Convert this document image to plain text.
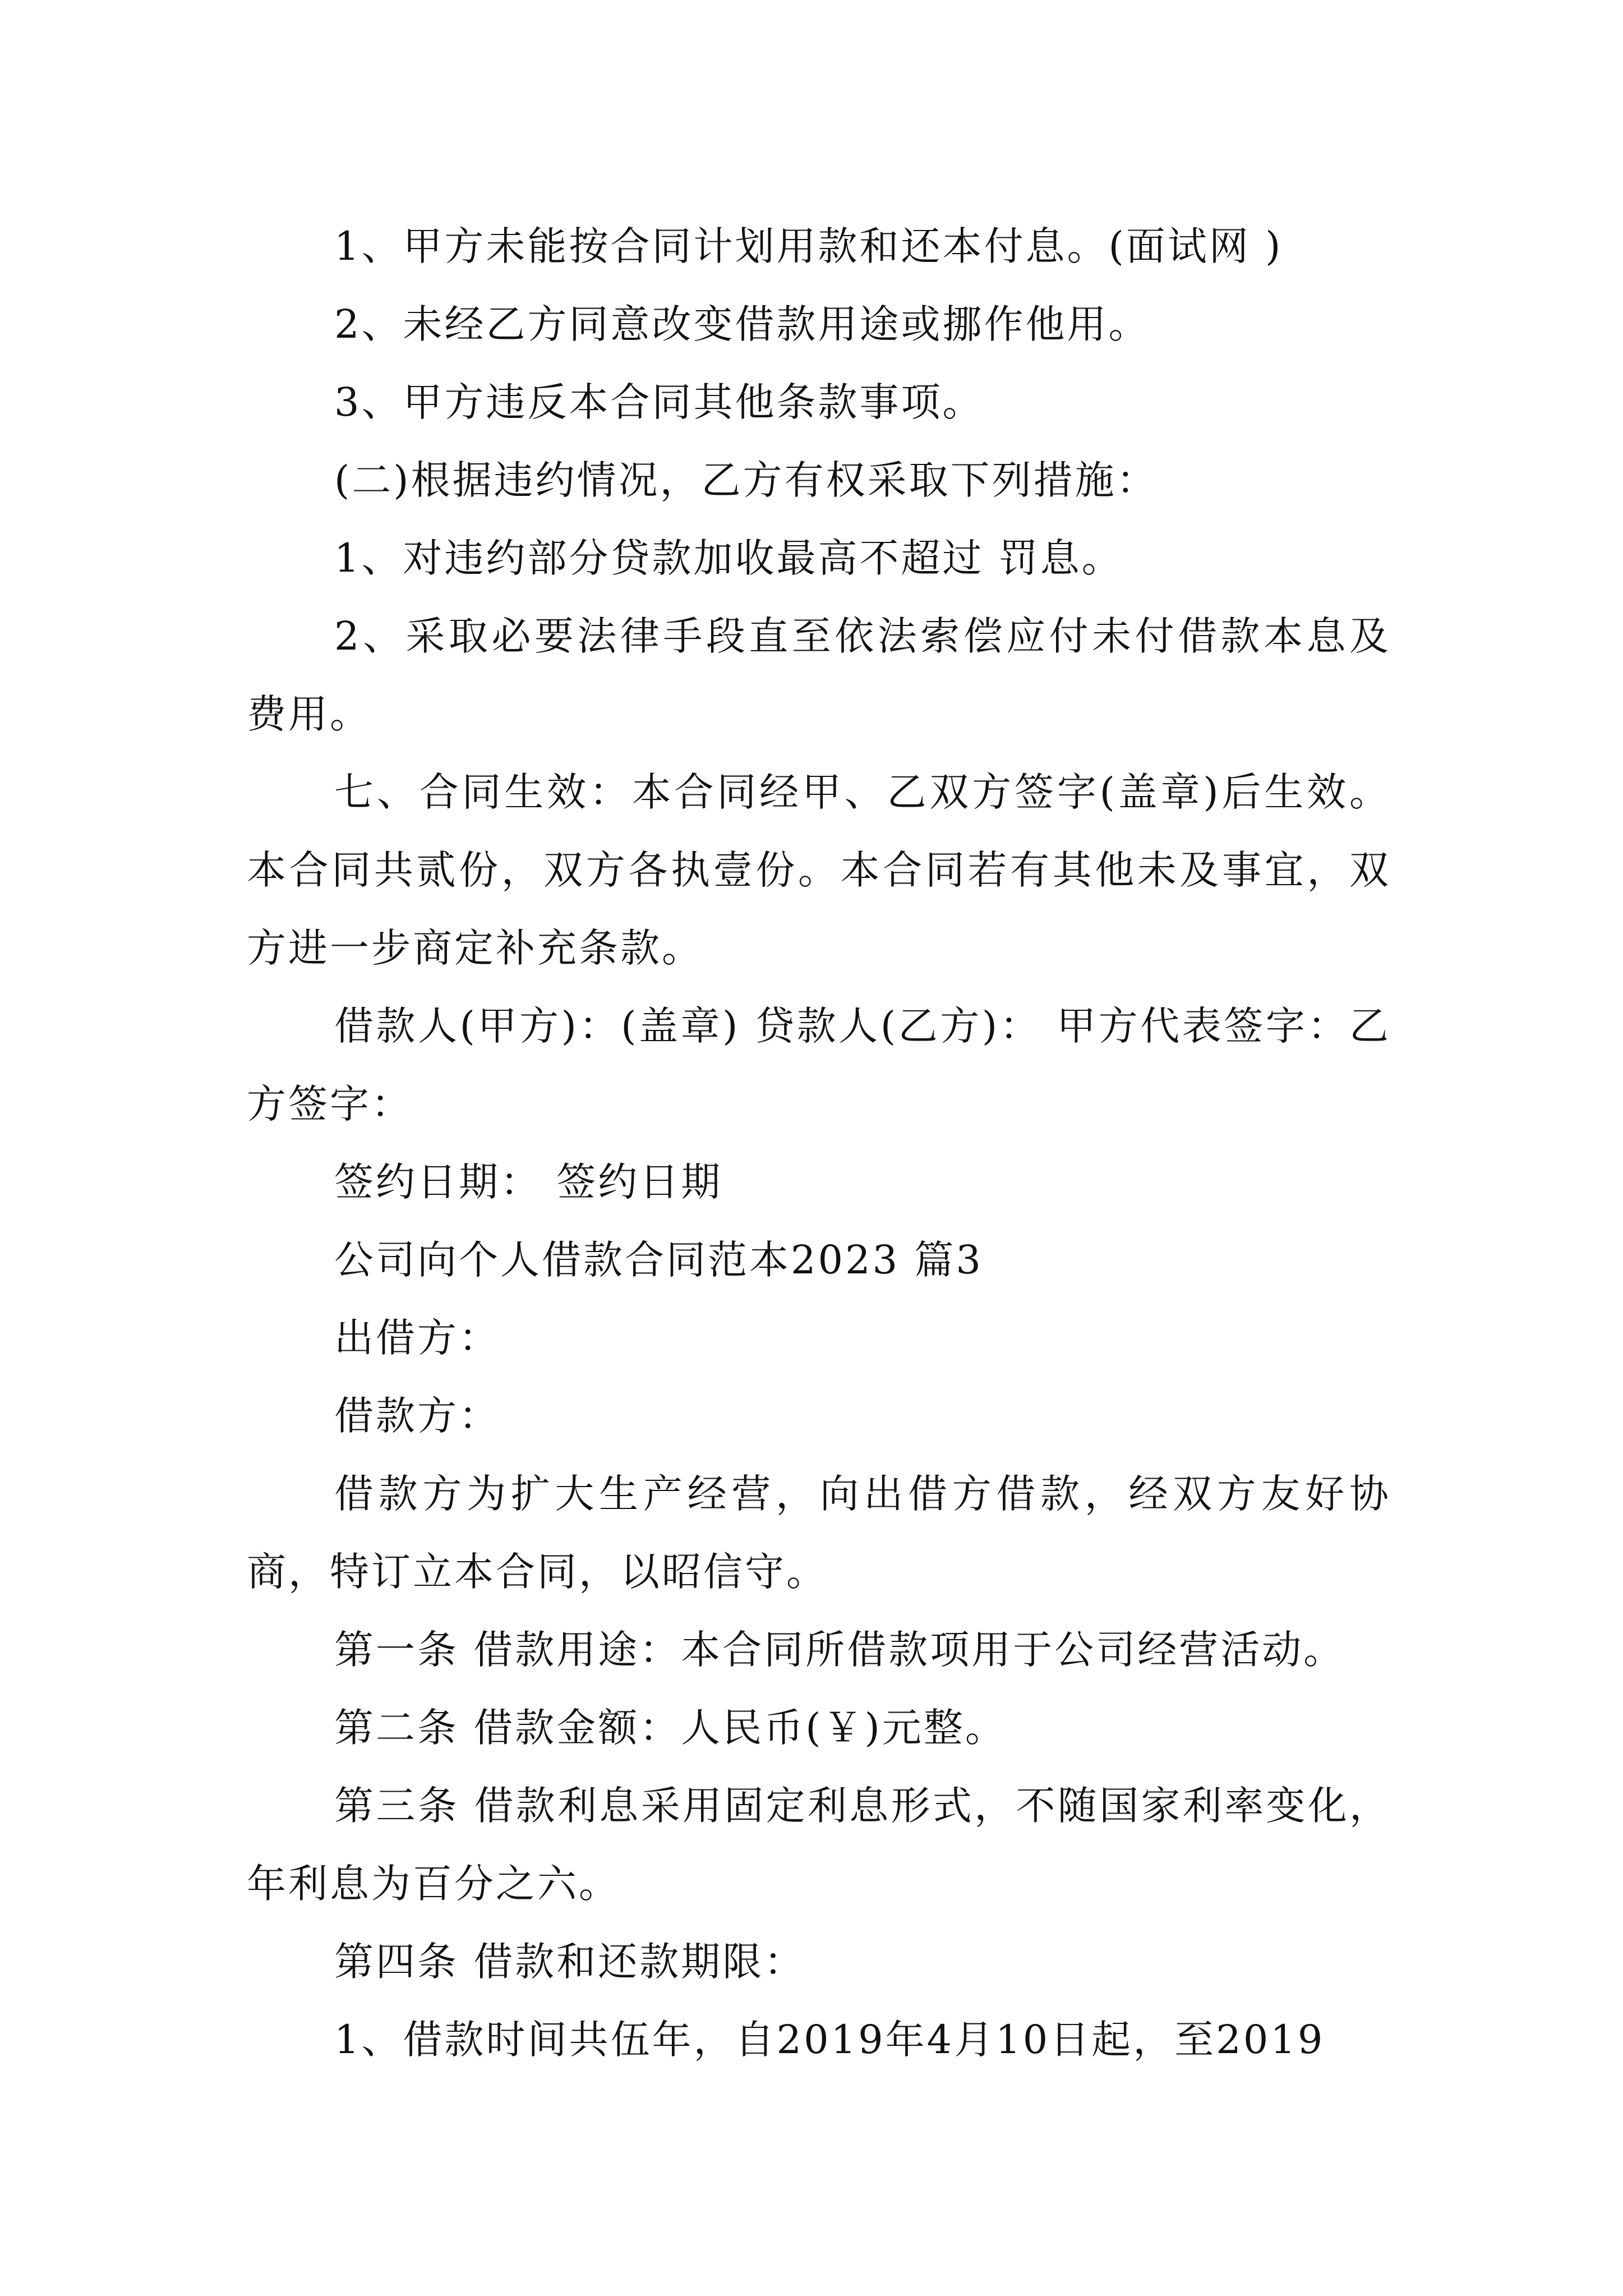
1、甲方未能按合同计划用款和还本付息。(面试网 )

2、未经乙方同意改变借款用途或挪作他用。

3、甲方违反本合同其他条款事项。

(二)根据违约情况，乙方有权采取下列措施：

1、对违约部分贷款加收最高不超过 罚息。

2、采取必要法律手段直至依法索偿应付未付借款本息及费用。

七、合同生效：本合同经甲、乙双方签字(盖章)后生效。本合同共贰份，双方各执壹份。本合同若有其他未及事宜，双方进一步商定补充条款。

借款人(甲方)：(盖章) 贷款人(乙方)： 甲方代表签字：乙方签字：

签约日期： 签约日期

公司向个人借款合同范本2023 篇3

出借方：

借款方：

借款方为扩大生产经营，向出借方借款，经双方友好协商，特订立本合同，以昭信守。

第一条 借款用途：本合同所借款项用于公司经营活动。

第二条 借款金额：人民币(￥)元整。

第三条 借款利息采用固定利息形式，不随国家利率变化，年利息为百分之六。

第四条 借款和还款期限：

1、借款时间共伍年，自2019年4月10日起，至2019
